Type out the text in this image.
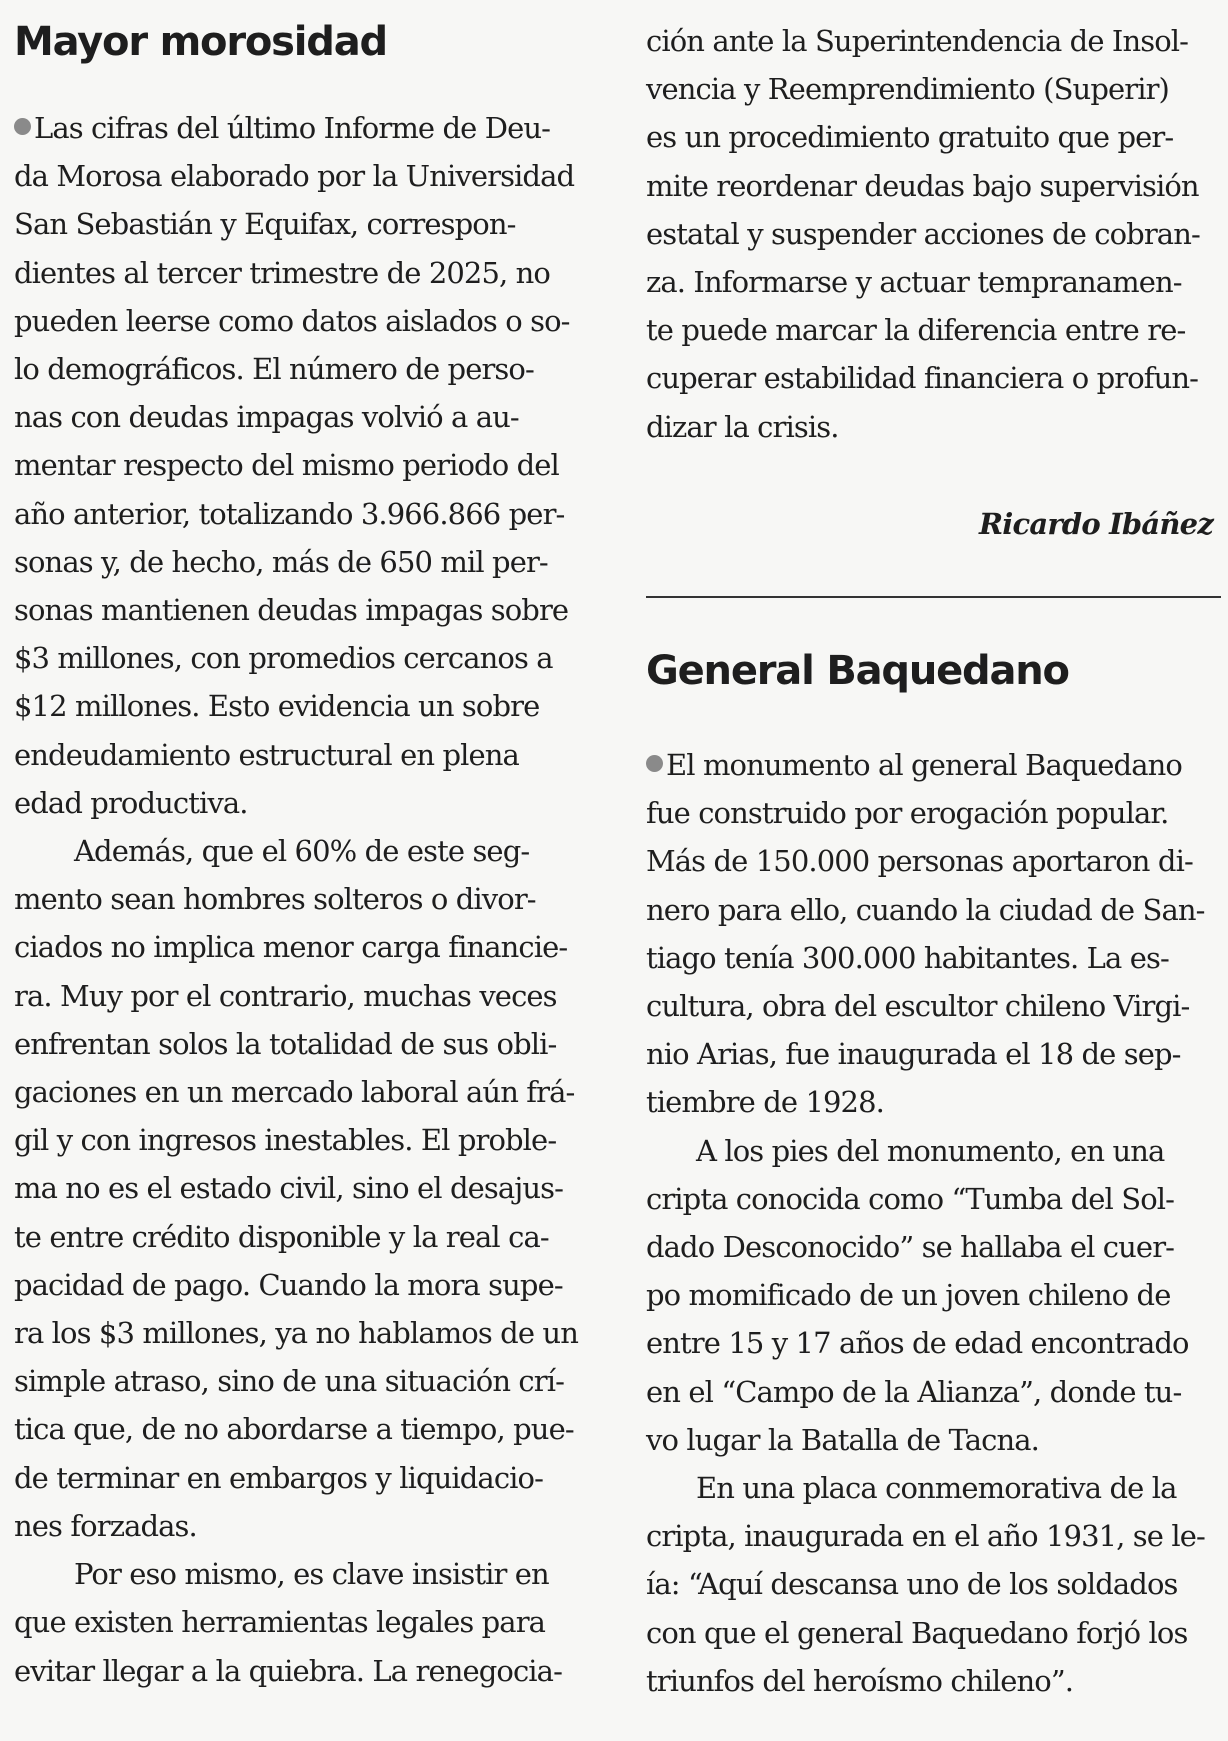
Mayor morosidad
Las cifras del último Informe de Deu-
da Morosa elaborado por la Universidad
San Sebastián y Equifax, correspon-
dientes al tercer trimestre de 2025, no
pueden leerse como datos aislados o so-
lo demográficos. El número de perso-
nas con deudas impagas volvió a au-
mentar respecto del mismo periodo del
año anterior, totalizando 3.966.866 per-
sonas y, de hecho, más de 650 mil per-
sonas mantienen deudas impagas sobre
$3 millones, con promedios cercanos a
$12 millones. Esto evidencia un sobre
endeudamiento estructural en plena
edad productiva.
Además, que el 60% de este seg-
mento sean hombres solteros o divor-
ciados no implica menor carga financie-
ra. Muy por el contrario, muchas veces
enfrentan solos la totalidad de sus obli-
gaciones en un mercado laboral aún frá-
gil y con ingresos inestables. El proble-
ma no es el estado civil, sino el desajus-
te entre crédito disponible y la real ca-
pacidad de pago. Cuando la mora supe-
ra los $3 millones, ya no hablamos de un
simple atraso, sino de una situación crí-
tica que, de no abordarse a tiempo, pue-
de terminar en embargos y liquidacio-
nes forzadas.
Por eso mismo, es clave insistir en
que existen herramientas legales para
evitar llegar a la quiebra. La renegocia-
Ricardo Ibáñez
General Baquedano
El monumento al general Baquedano
fue construido por erogación popular.
Más de 150.000 personas aportaron di-
nero para ello, cuando la ciudad de San-
tiago tenía 300.000 habitantes. La es-
cultura, obra del escultor chileno Virgi-
nio Arias, fue inaugurada el 18 de sep-
tiembre de 1928.
A los pies del monumento, en una
cripta conocida como “Tumba del Sol-
dado Desconocido” se hallaba el cuer-
po momificado de un joven chileno de
entre 15 y 17 años de edad encontrado
en el “Campo de la Alianza”, donde tu-
vo lugar la Batalla de Tacna.
En una placa conmemorativa de la
cripta, inaugurada en el año 1931, se le-
ía: “Aquí descansa uno de los soldados
con que el general Baquedano forjó los
triunfos del heroísmo chileno”.
ción ante la Superintendencia de Insol-
vencia y Reemprendimiento (Superir)
es un procedimiento gratuito que per-
mite reordenar deudas bajo supervisión
estatal y suspender acciones de cobran-
za. Informarse y actuar tempranamen-
te puede marcar la diferencia entre re-
cuperar estabilidad financiera o profun-
dizar la crisis.
